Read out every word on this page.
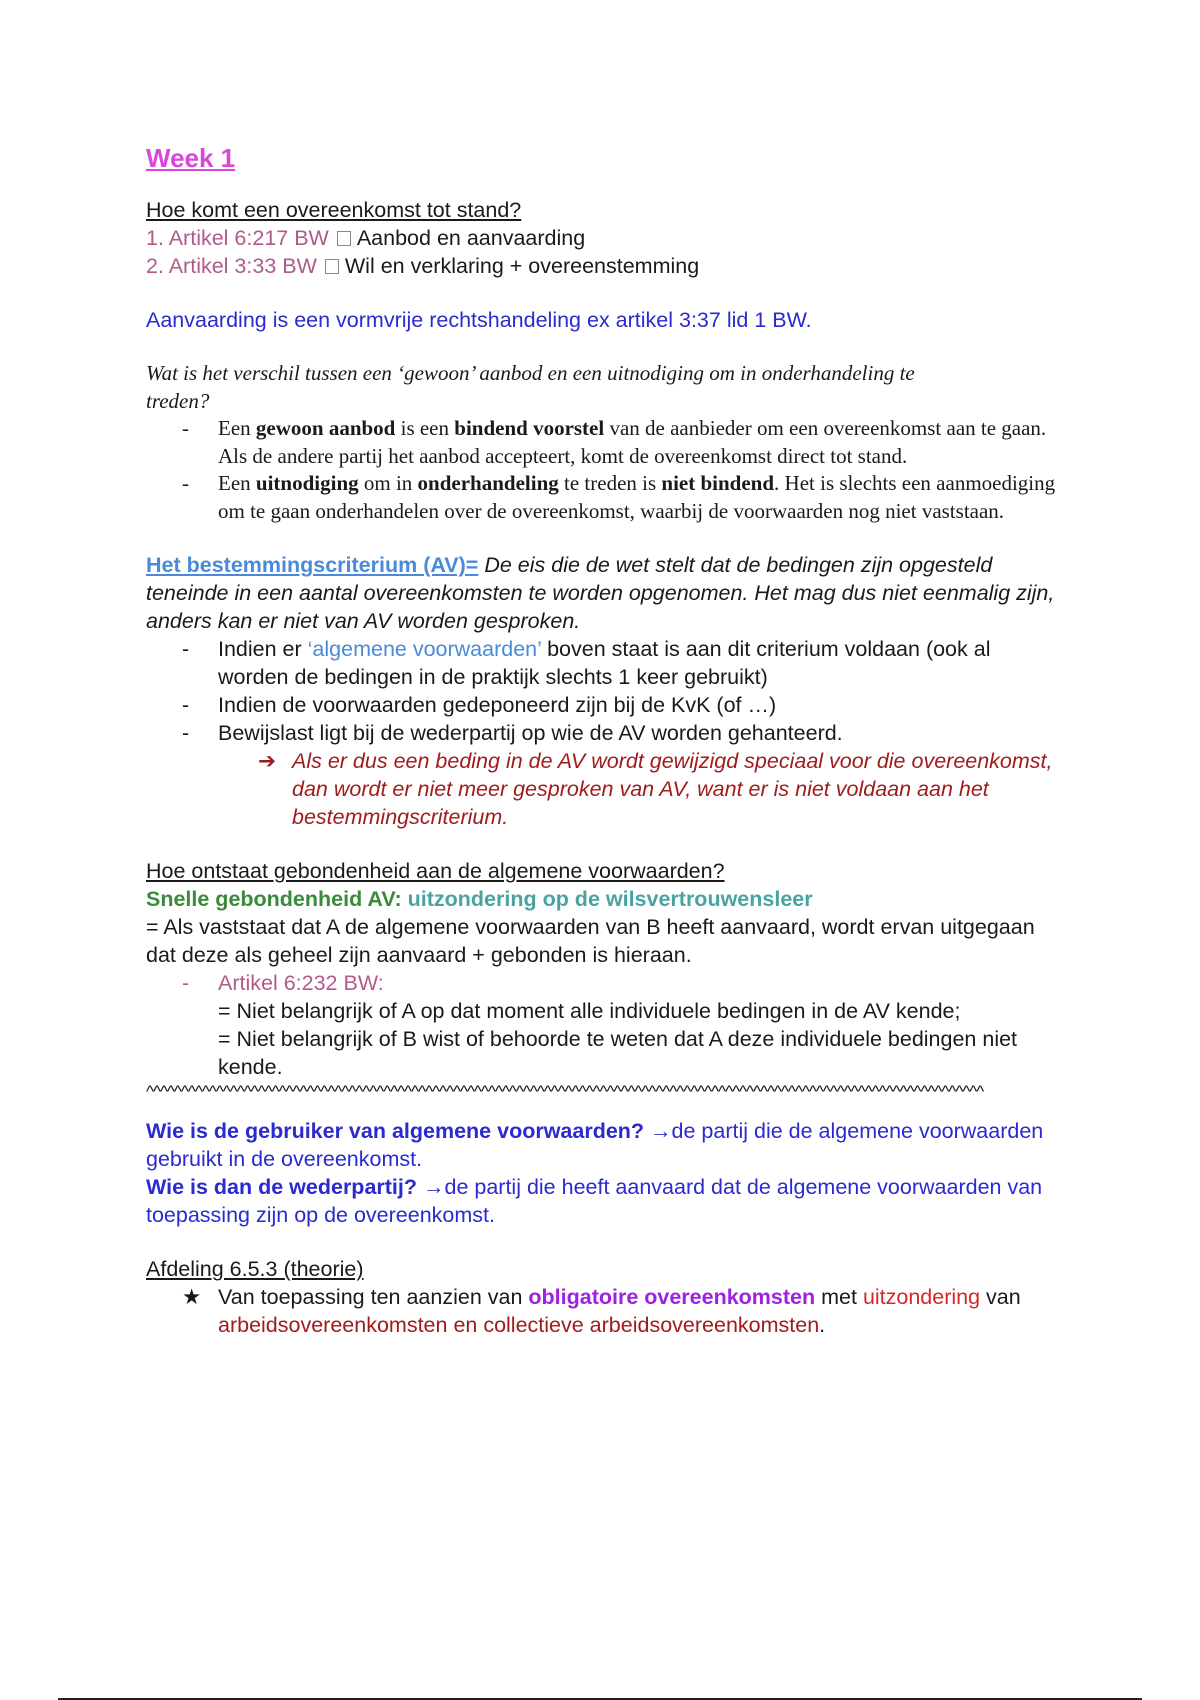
Week 1
Hoe komt een overeenkomst tot stand?
1. Artikel 6:217 BW Aanbod en aanvaarding
2. Artikel 3:33 BW Wil en verklaring + overeenstemming
Aanvaarding is een vormvrije rechtshandeling ex artikel 3:37 lid 1 BW.
Wat is het verschil tussen een ‘gewoon’ aanbod en een uitnodiging om in onderhandeling te
treden?
- Een gewoon aanbod is een bindend voorstel van de aanbieder om een overeenkomst aan te gaan. Als de andere partij het aanbod accepteert, komt de overeenkomst direct tot stand.
- Een uitnodiging om in onderhandeling te treden is niet bindend. Het is slechts een aanmoediging om te gaan onderhandelen over de overeenkomst, waarbij de voorwaarden nog niet vaststaan.
Het bestemmingscriterium (AV)= De eis die de wet stelt dat de bedingen zijn opgesteld teneinde in een aantal overeenkomsten te worden opgenomen. Het mag dus niet eenmalig zijn, anders kan er niet van AV worden gesproken.
- Indien er ‘algemene voorwaarden’ boven staat is aan dit criterium voldaan (ook al worden de bedingen in de praktijk slechts 1 keer gebruikt)
- Indien de voorwaarden gedeponeerd zijn bij de KvK (of …)
- Bewijslast ligt bij de wederpartij op wie de AV worden gehanteerd.
➔ Als er dus een beding in de AV wordt gewijzigd speciaal voor die overeenkomst, dan wordt er niet meer gesproken van AV, want er is niet voldaan aan het bestemmingscriterium.
Hoe ontstaat gebondenheid aan de algemene voorwaarden?
Snelle gebondenheid AV: uitzondering op de wilsvertrouwensleer
= Als vaststaat dat A de algemene voorwaarden van B heeft aanvaard, wordt ervan uitgegaan dat deze als geheel zijn aanvaard + gebonden is hieraan.
- Artikel 6:232 BW:
= Niet belangrijk of A op dat moment alle individuele bedingen in de AV kende;
= Niet belangrijk of B wist of behoorde te weten dat A deze individuele bedingen niet kende.
^^^^^^^^^^^^^^^^^^^^^^^^^^^^^^^^^^^^^^^^^^^^^^^^^^^^^^^^^^^^^^^^^^^^^^^^^^^^^^^^^^^^^^^^^^^^^^^^^^^^^^^^^^^^^^^^^^^^^^^^
Wie is de gebruiker van algemene voorwaarden? →de partij die de algemene voorwaarden gebruikt in de overeenkomst.
Wie is dan de wederpartij? →de partij die heeft aanvaard dat de algemene voorwaarden van toepassing zijn op de overeenkomst.
Afdeling 6.5.3 (theorie)
★ Van toepassing ten aanzien van obligatoire overeenkomsten met uitzondering van arbeidsovereenkomsten en collectieve arbeidsovereenkomsten.
